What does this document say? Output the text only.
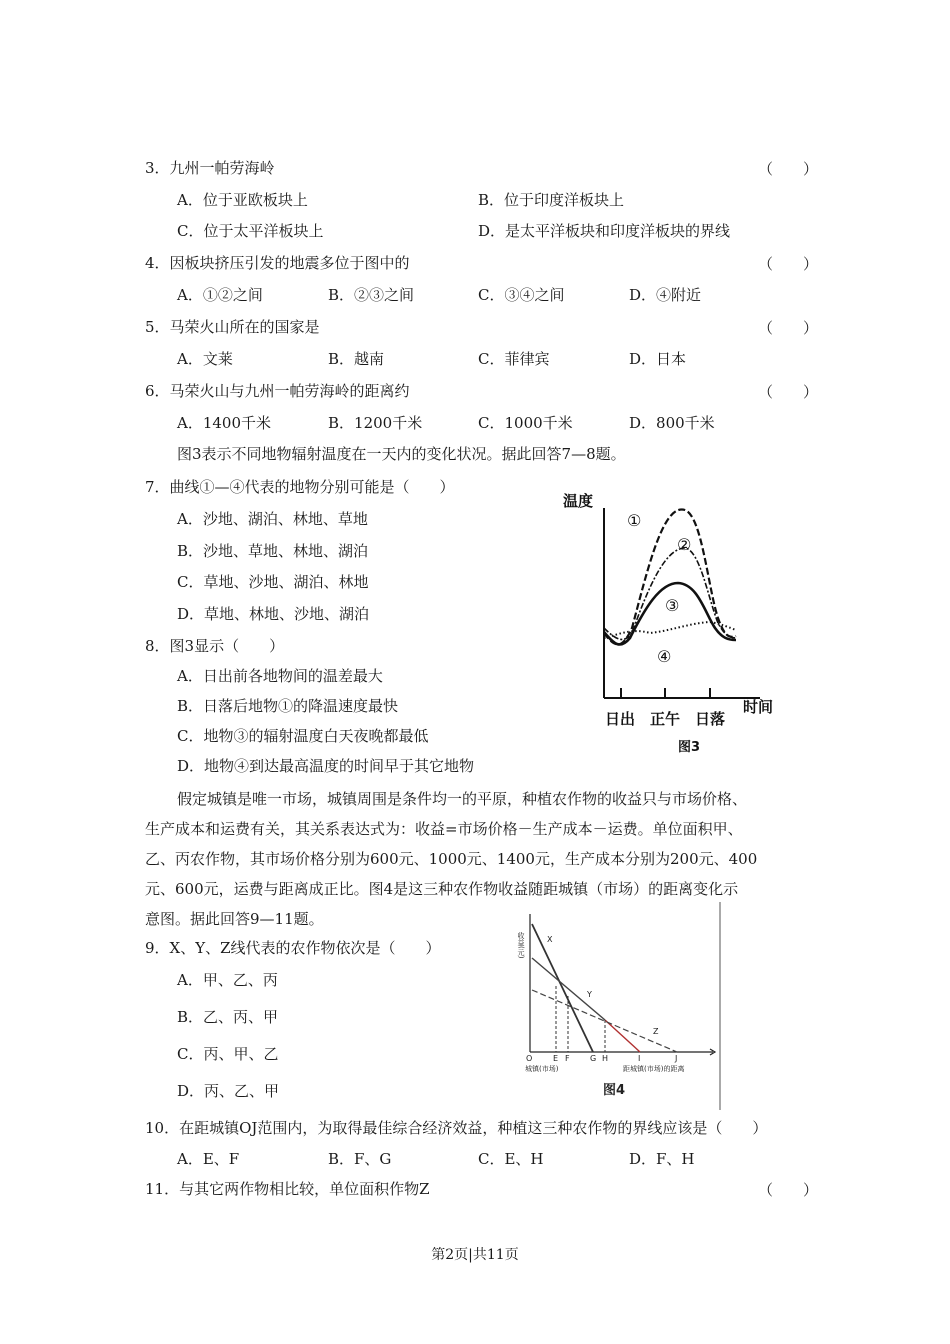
3．九州一帕劳海岭	（　　）
A．位于亚欧板块上	B．位于印度洋板块上
C．位于太平洋板块上	D．是太平洋板块和印度洋板块的界线
4．因板块挤压引发的地震多位于图中的	（　　）
A．①②之间	B．②③之间	C．③④之间	D．④附近
5．马荣火山所在的国家是	（　　）
A．文莱	B．越南	C．菲律宾	D．日本
6．马荣火山与九州一帕劳海岭的距离约	（　　）
A．1400千米	B．1200千米	C．1000千米	D．800千米
图3表示不同地物辐射温度在一天内的变化状况。据此回答7—8题。
7．曲线①—④代表的地物分别可能是（　　）
A．沙地、湖泊、林地、草地
B．沙地、草地、林地、湖泊
C．草地、沙地、湖泊、林地
D．草地、林地、沙地、湖泊
8．图3显示（　　）
A．日出前各地物间的温差最大
B．日落后地物①的降温速度最快
C．地物③的辐射温度白天夜晚都最低
D．地物④到达最高温度的时间早于其它地物
温度
时间
日出 正午 日落
图3
①
②
③
④
假定城镇是唯一市场，城镇周围是条件均一的平原，种植农作物的收益只与市场价格、
生产成本和运费有关，其关系表达式为：收益=市场价格－生产成本－运费。单位面积甲、
乙、丙农作物，其市场价格分别为600元、1000元、1400元，生产成本分别为200元、400
元、600元，运费与距离成正比。图4是这三种农作物收益随距城镇（市场）的距离变化示
意图。据此回答9—11题。
9．X、Y、Z线代表的农作物依次是（　　）
A．甲、乙、丙
B．乙、丙、甲
C．丙、甲、乙
D．丙、乙、甲
收益(元)	X
Y
Z
O	E F	G H	I	J
城镇(市场)	距城镇(市场)的距离
图4
10．在距城镇OJ范围内，为取得最佳综合经济效益，种植这三种农作物的界线应该是（　　）
A．E、F	B．F、G	C．E、H	D．F、H
11．与其它两作物相比较，单位面积作物Z	（　　）
第2页|共11页
